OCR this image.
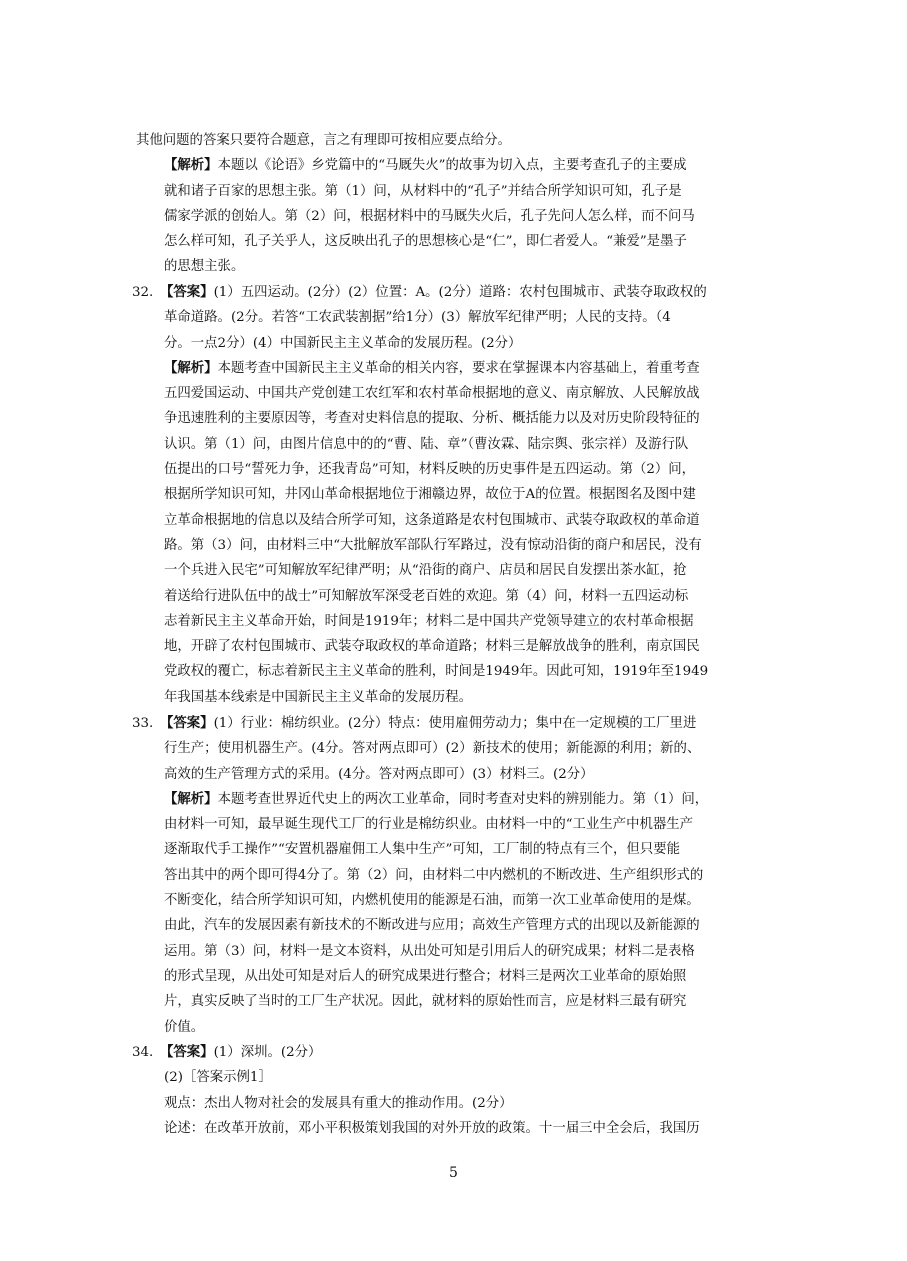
其他问题的答案只要符合题意，言之有理即可按相应要点给分。
【解析】本题以《论语》乡党篇中的“马厩失火”的故事为切入点，主要考查孔子的主要成
就和诸子百家的思想主张。第（1）问，从材料中的“孔子”并结合所学知识可知，孔子是
儒家学派的创始人。第（2）问，根据材料中的马厩失火后，孔子先问人怎么样，而不问马
怎么样可知，孔子关乎人，这反映出孔子的思想核心是“仁”，即仁者爱人。“兼爱”是墨子
的思想主张。
32. 【答案】(1）五四运动。(2分）(2）位置：A。(2分）道路：农村包围城市、武装夺取政权的
革命道路。(2分。若答“工农武装割据”给1分）(3）解放军纪律严明；人民的支持。（4
分。一点2分）(4）中国新民主主义革命的发展历程。(2分）
【解析】本题考查中国新民主主义革命的相关内容，要求在掌握课本内容基础上，着重考查
五四爱国运动、中国共产党创建工农红军和农村革命根据地的意义、南京解放、人民解放战
争迅速胜利的主要原因等，考查对史料信息的提取、分析、概括能力以及对历史阶段特征的
认识。第（1）问，由图片信息中的的“曹、陆、章”（曹汝霖、陆宗舆、张宗祥）及游行队
伍提出的口号“誓死力争，还我青岛”可知，材料反映的历史事件是五四运动。第（2）问，
根据所学知识可知，井冈山革命根据地位于湘赣边界，故位于A的位置。根据图名及图中建
立革命根据地的信息以及结合所学可知，这条道路是农村包围城市、武装夺取政权的革命道
路。第（3）问，由材料三中“大批解放军部队行军路过，没有惊动沿街的商户和居民，没有
一个兵进入民宅”可知解放军纪律严明；从“沿街的商户、店员和居民自发摆出茶水缸，抢
着送给行进队伍中的战士”可知解放军深受老百姓的欢迎。第（4）问，材料一五四运动标
志着新民主主义革命开始，时间是1919年；材料二是中国共产党领导建立的农村革命根据
地，开辟了农村包围城市、武装夺取政权的革命道路；材料三是解放战争的胜利，南京国民
党政权的覆亡，标志着新民主主义革命的胜利，时间是1949年。因此可知，1919年至1949
年我国基本线索是中国新民主主义革命的发展历程。
33. 【答案】(1）行业：棉纺织业。(2分）特点：使用雇佣劳动力；集中在一定规模的工厂里进
行生产；使用机器生产。(4分。答对两点即可）(2）新技术的使用；新能源的利用；新的、
高效的生产管理方式的采用。(4分。答对两点即可）(3）材料三。(2分）
【解析】本题考查世界近代史上的两次工业革命，同时考查对史料的辨别能力。第（1）问，
由材料一可知，最早诞生现代工厂的行业是棉纺织业。由材料一中的“工业生产中机器生产
逐渐取代手工操作”“安置机器雇佣工人集中生产”可知，工厂制的特点有三个，但只要能
答出其中的两个即可得4分了。第（2）问，由材料二中内燃机的不断改进、生产组织形式的
不断变化，结合所学知识可知，内燃机使用的能源是石油，而第一次工业革命使用的是煤。
由此，汽车的发展因素有新技术的不断改进与应用；高效生产管理方式的出现以及新能源的
运用。第（3）问，材料一是文本资料，从出处可知是引用后人的研究成果；材料二是表格
的形式呈现，从出处可知是对后人的研究成果进行整合；材料三是两次工业革命的原始照
片，真实反映了当时的工厂生产状况。因此，就材料的原始性而言，应是材料三最有研究
价值。
34. 【答案】(1）深圳。(2分）
(2)［答案示例1］
观点：杰出人物对社会的发展具有重大的推动作用。(2分）
论述：在改革开放前，邓小平积极策划我国的对外开放的政策。十一届三中全会后，我国历
5
